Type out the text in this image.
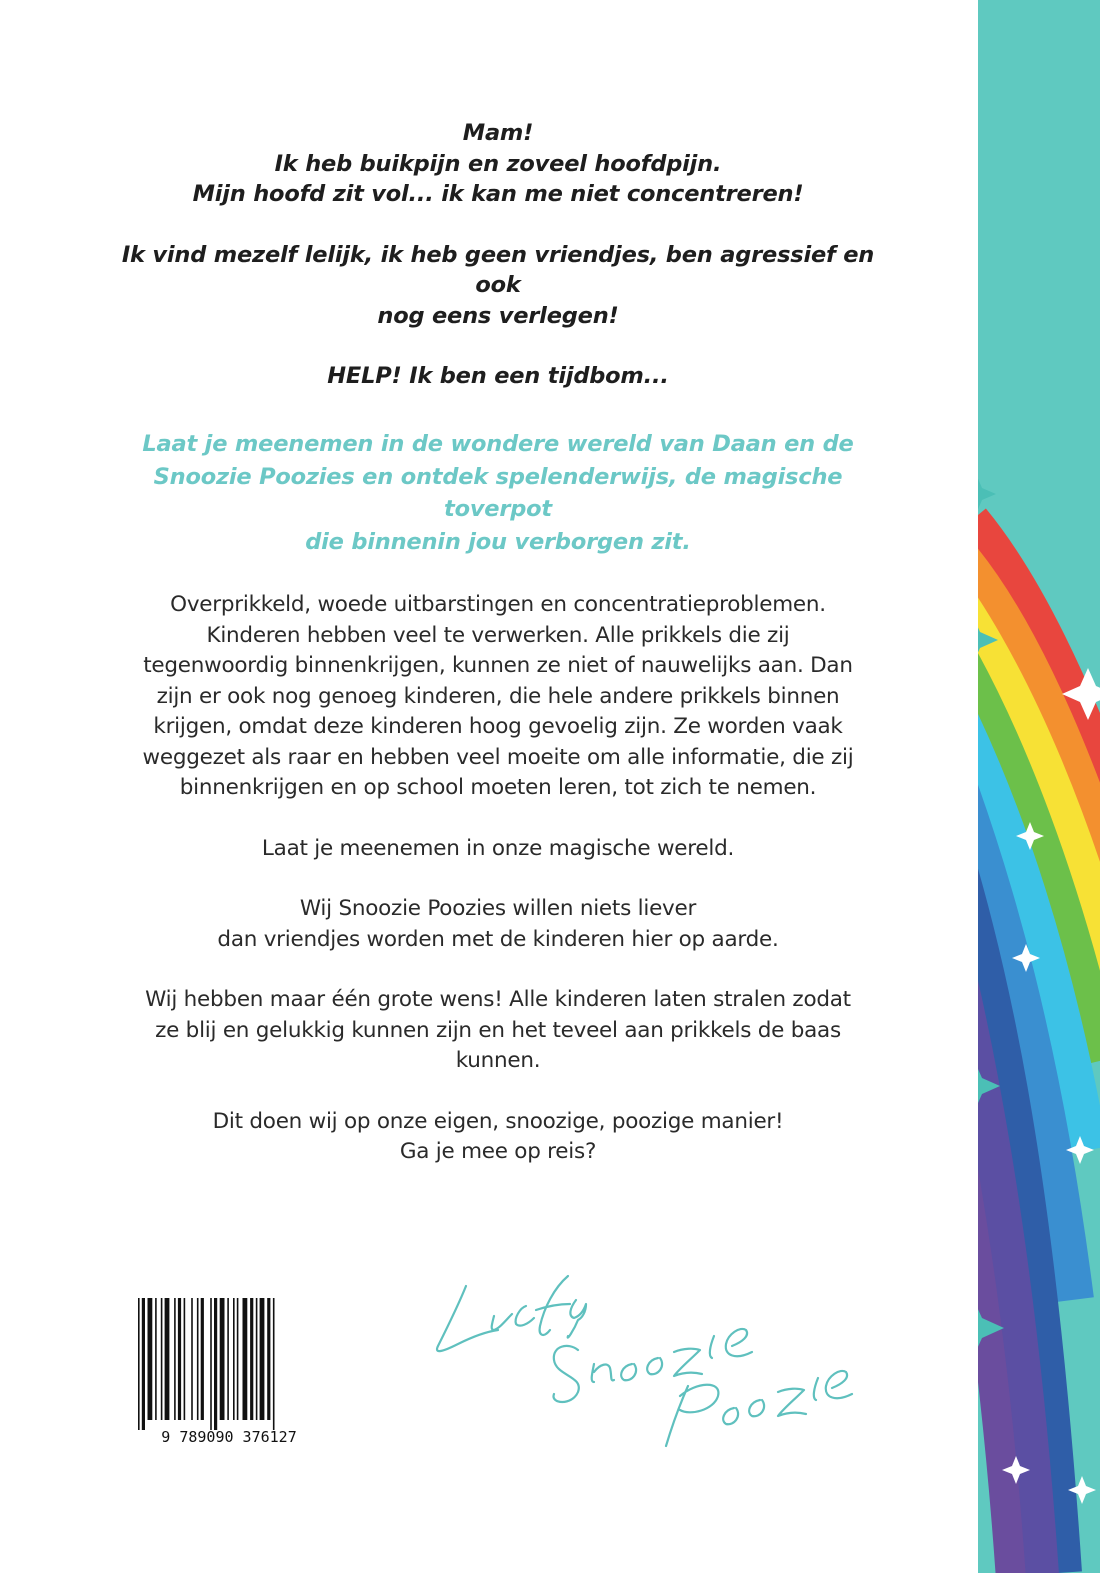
Mam!
Ik heb buikpijn en zoveel hoofdpijn.
Mijn hoofd zit vol... ik kan me niet concentreren!

Ik vind mezelf lelijk, ik heb geen vriendjes, ben agressief en ook
nog eens verlegen!

HELP! Ik ben een tijdbom...

Laat je meenemen in de wondere wereld van Daan en de
Snoozie Poozies en ontdek spelenderwijs, de magische toverpot
die binnenin jou verborgen zit.

Overprikkeld, woede uitbarstingen en concentratieproblemen.
Kinderen hebben veel te verwerken. Alle prikkels die zij
tegenwoordig binnenkrijgen, kunnen ze niet of nauwelijks aan. Dan
zijn er ook nog genoeg kinderen, die hele andere prikkels binnen
krijgen, omdat deze kinderen hoog gevoelig zijn. Ze worden vaak
weggezet als raar en hebben veel moeite om alle informatie, die zij
binnenkrijgen en op school moeten leren, tot zich te nemen.

Laat je meenemen in onze magische wereld.

Wij Snoozie Poozies willen niets liever
dan vriendjes worden met de kinderen hier op aarde.

Wij hebben maar één grote wens! Alle kinderen laten stralen zodat
ze blij en gelukkig kunnen zijn en het teveel aan prikkels de baas
kunnen.

Dit doen wij op onze eigen, snoozige, poozige manier!
Ga je mee op reis?

9 789090 376127
